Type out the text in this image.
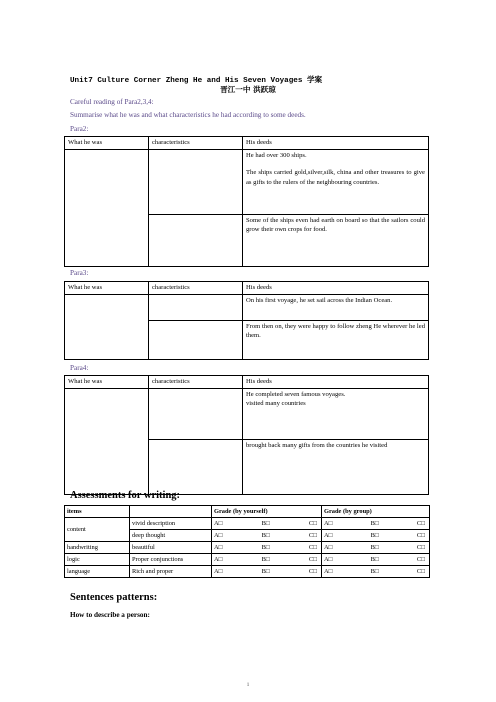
Unit7 Culture Corner Zheng He and His Seven Voyages 学案
晋江一中 洪跃琼
Careful reading of Para2,3,4:
Summarise what he was and what characteristics he had according to some deeds.
Para2:
What he was	characteristics	His deeds

		He had over 300 ships.
The ships carried gold,silver,silk, china and other treasures to give as gifts to the rulers of the neighbouring countries.

		Some of the ships even had earth on board so that the sailors could grow their own crops for food.
Para3:
What he was	characteristics	His deeds
		On his first voyage, he set sail across the Indian Ocean.
		From then on, they were happy to follow zheng He wherever he led them.
Para4:
What he was	characteristics	His deeds

		He completed seven famous voyages.
visited many countries

		brought back many gifts from the countries he visited
Assessments for writing:
items		Grade (by yourself)	Grade (by group)
content	vivid description	A□ B□ C□	A□ B□ C□

	deep thought	A□ B□ C□	A□ B□ C□

handwriting	beautiful	A□ B□ C□	A□ B□ C□

logic	Proper conjunctions	A□ B□ C□	A□ B□ C□

language	Rich and proper	A□ B□ C□	A□ B□ C□
Sentences patterns:
How to describe a person:
1
